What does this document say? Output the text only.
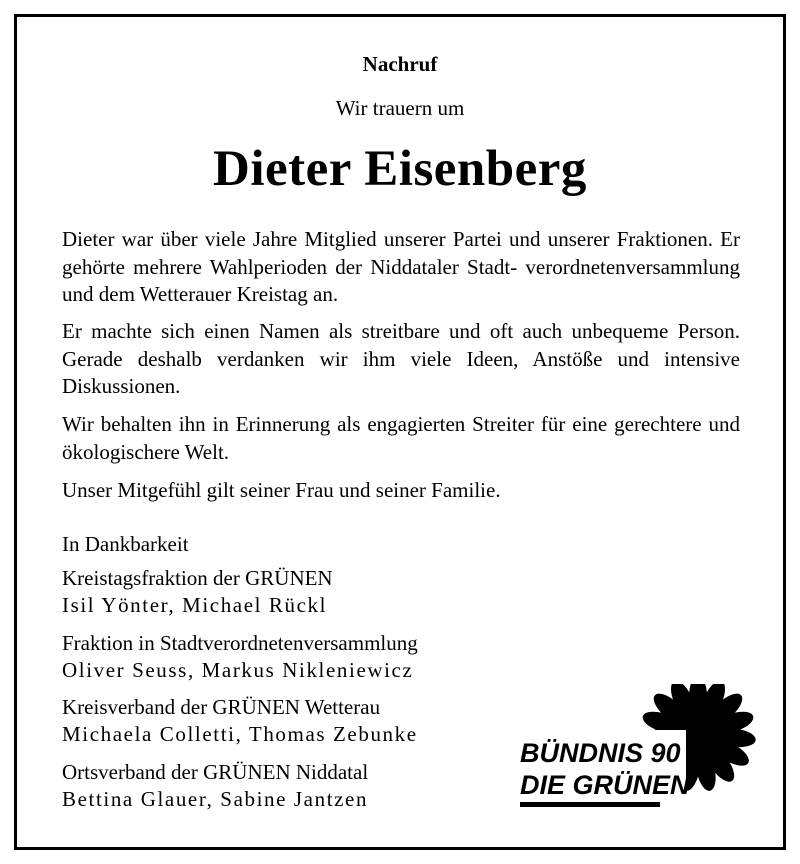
Nachruf
Wir trauern um
Dieter Eisenberg
Dieter war über viele Jahre Mitglied unserer Partei und unserer Fraktionen. Er gehörte mehrere Wahlperioden der Niddataler Stadt- verordnetenversammlung und dem Wetterauer Kreistag an.
Er machte sich einen Namen als streitbare und oft auch unbequeme Person. Gerade deshalb verdanken wir ihm viele Ideen, Anstöße und intensive Diskussionen.
Wir behalten ihn in Erinnerung als engagierten Streiter für eine gerechtere und ökologischere Welt.
Unser Mitgefühl gilt seiner Frau und seiner Familie.
In Dankbarkeit
Kreistagsfraktion der GRÜNEN
Isil Yönter, Michael Rückl
Fraktion in Stadtverordnetenversammlung
Oliver Seuss, Markus Nikleniewicz
Kreisverband der GRÜNEN Wetterau
Michaela Colletti, Thomas Zebunke
Ortsverband der GRÜNEN Niddatal
Bettina Glauer, Sabine Jantzen
BÜNDNIS 90
DIE GRÜNEN
